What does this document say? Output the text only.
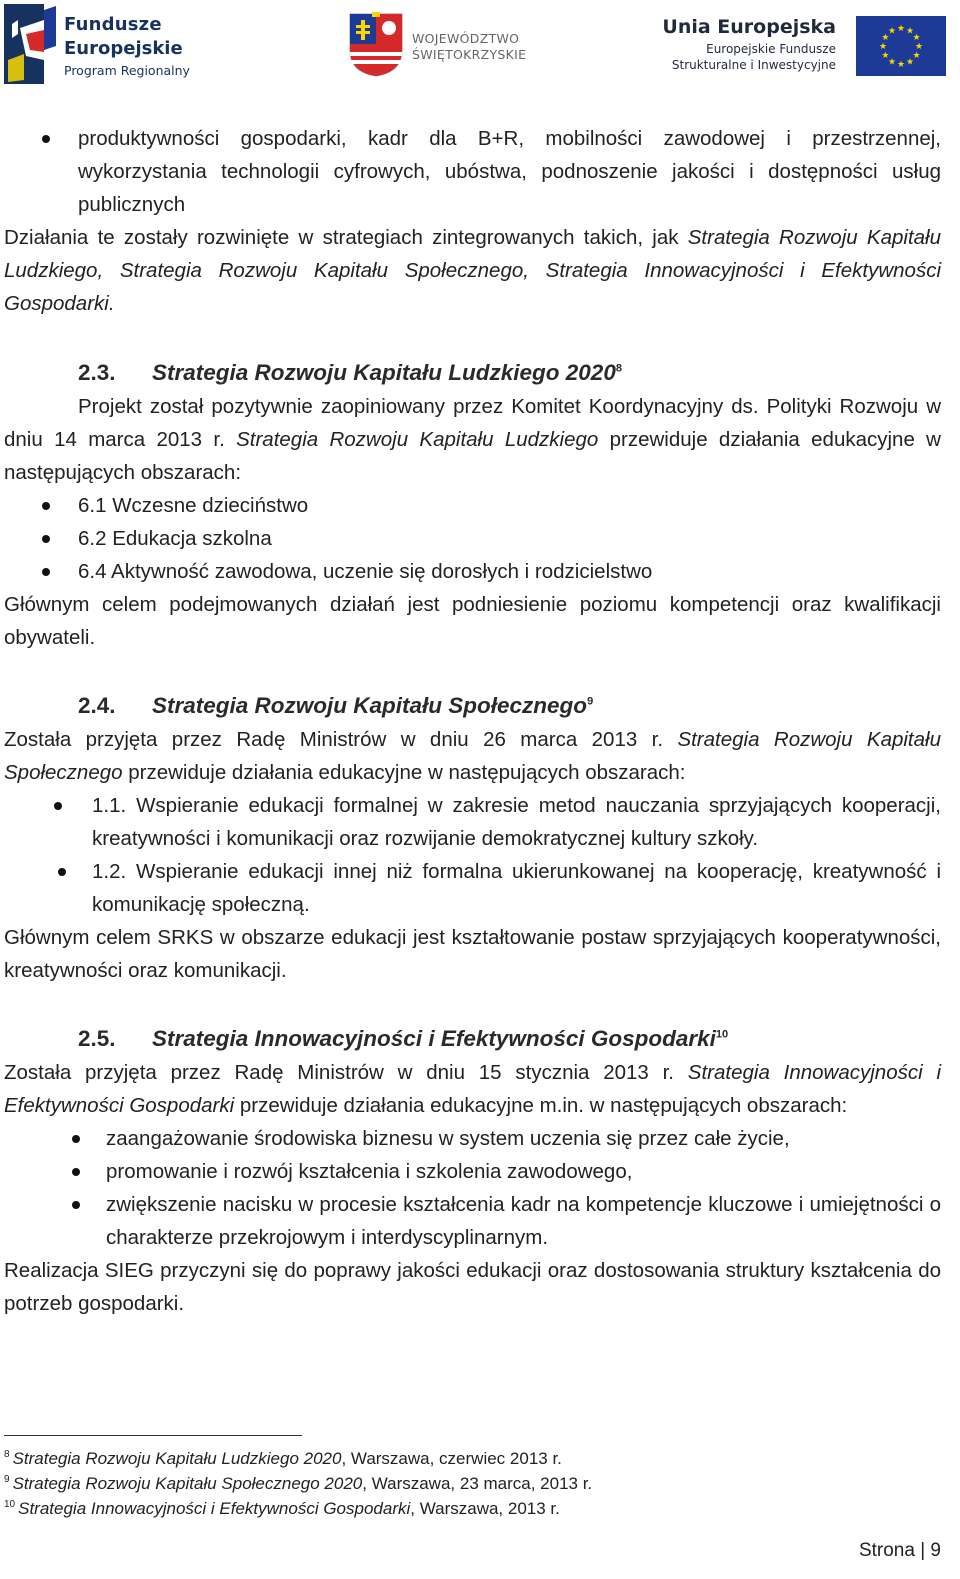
Fundusze
Europejskie
Program Regionalny
WOJEWÓDZTWO
ŚWIĘTOKRZYSKIE
Unia Europejska
Europejskie Fundusze
Strukturalne i Inwestycyjne
★ ★
★
★
★
★
★
★
★
★
★
★
produktywności gospodarki, kadr dla B+R, mobilności zawodowej i przestrzennej, wykorzystania technologii cyfrowych, ubóstwa, podnoszenie jakości i dostępności usług publicznych

Działania te zostały rozwinięte w strategiach zintegrowanych takich, jak Strategia Rozwoju Kapitału Ludzkiego, Strategia Rozwoju Kapitału Społecznego, Strategia Innowacyjności i Efektywności Gospodarki.

2.3. Strategia Rozwoju Kapitału Ludzkiego 2020$^8$

Projekt został pozytywnie zaopiniowany przez Komitet Koordynacyjny ds. Polityki Rozwoju w dniu 14 marca 2013 r. Strategia Rozwoju Kapitału Ludzkiego przewiduje działania edukacyjne w następujących obszarach:

6.1 Wczesne dzieciństwo
6.2 Edukacja szkolna
6.4 Aktywność zawodowa, uczenie się dorosłych i rodzicielstwo

Głównym celem podejmowanych działań jest podniesienie poziomu kompetencji oraz kwalifikacji obywateli.

2.4. Strategia Rozwoju Kapitału Społecznego$^9$

Została przyjęta przez Radę Ministrów w dniu 26 marca 2013 r. Strategia Rozwoju Kapitału Społecznego przewiduje działania edukacyjne w następujących obszarach:

1.1. Wspieranie edukacji formalnej w zakresie metod nauczania sprzyjających kooperacji, kreatywności i komunikacji oraz rozwijanie demokratycznej kultury szkoły.
1.2. Wspieranie edukacji innej niż formalna ukierunkowanej na kooperację, kreatywność i komunikację społeczną.

Głównym celem SRKS w obszarze edukacji jest kształtowanie postaw sprzyjających kooperatywności, kreatywności oraz komunikacji.

2.5. Strategia Innowacyjności i Efektywności Gospodarki$^{10}$

Została przyjęta przez Radę Ministrów w dniu 15 stycznia 2013 r. Strategia Innowacyjności i Efektywności Gospodarki przewiduje działania edukacyjne m.in. w następujących obszarach:

zaangażowanie środowiska biznesu w system uczenia się przez całe życie,
promowanie i rozwój kształcenia i szkolenia zawodowego,
zwiększenie nacisku w procesie kształcenia kadr na kompetencje kluczowe i umiejętności o charakterze przekrojowym i interdyscyplinarnym.

Realizacja SIEG przyczyni się do poprawy jakości edukacji oraz dostosowania struktury kształcenia do potrzeb gospodarki.

$^8$ Strategia Rozwoju Kapitału Ludzkiego 2020, Warszawa, czerwiec 2013 r.
$^9$ Strategia Rozwoju Kapitału Społecznego 2020, Warszawa, 23 marca, 2013 r.
$^{10}$ Strategia Innowacyjności i Efektywności Gospodarki, Warszawa, 2013 r.
Strona | 9
